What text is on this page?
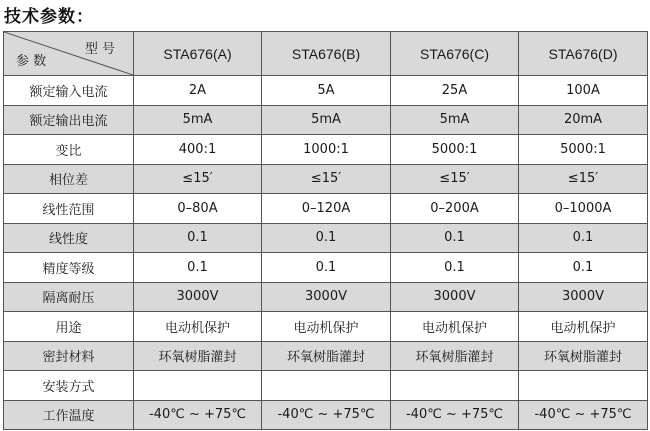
技术参数：
型 号
参 数	STA676(A)	STA676(B)	STA676(C)	STA676(D)
额定输入电流	2A	5A	25A	100A
额定输出电流	5mA	5mA	5mA	20mA
变比	400:1	1000:1	5000:1	5000:1
相位差	≤15′	≤15′	≤15′	≤15′
线性范围	0–80A	0–120A	0–200A	0–1000A
线性度	0.1	0.1	0.1	0.1
精度等级	0.1	0.1	0.1	0.1
隔离耐压	3000V	3000V	3000V	3000V
用途	电动机保护	电动机保护	电动机保护	电动机保护
密封材料	环氧树脂灌封	环氧树脂灌封	环氧树脂灌封	环氧树脂灌封
安装方式				
工作温度	-40℃ ~ +75℃	-40℃ ~ +75℃	-40℃ ~ +75℃	-40℃ ~ +75℃
